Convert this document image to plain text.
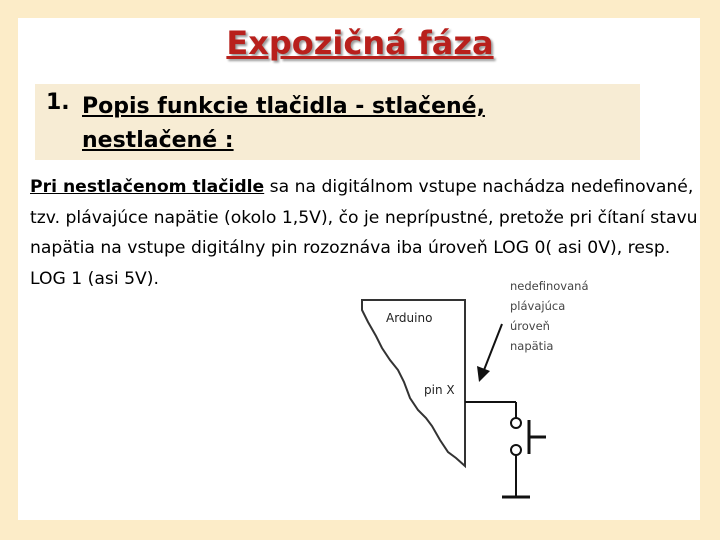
Expozičná fáza
1. Popis funkcie tlačidla - stlačené, nestlačené :
Pri nestlačenom tlačidle sa na digitálnom vstupe nachádza nedefinované, tzv. plávajúce napätie (okolo 1,5V), čo je neprípustné, pretože pri čítaní stavu napätia na vstupe digitálny pin rozoznáva iba úroveň LOG 0( asi 0V), resp. LOG 1 (asi 5V).
Arduino
pin X
nedefinovaná
plávajúca
úroveň
napätia
